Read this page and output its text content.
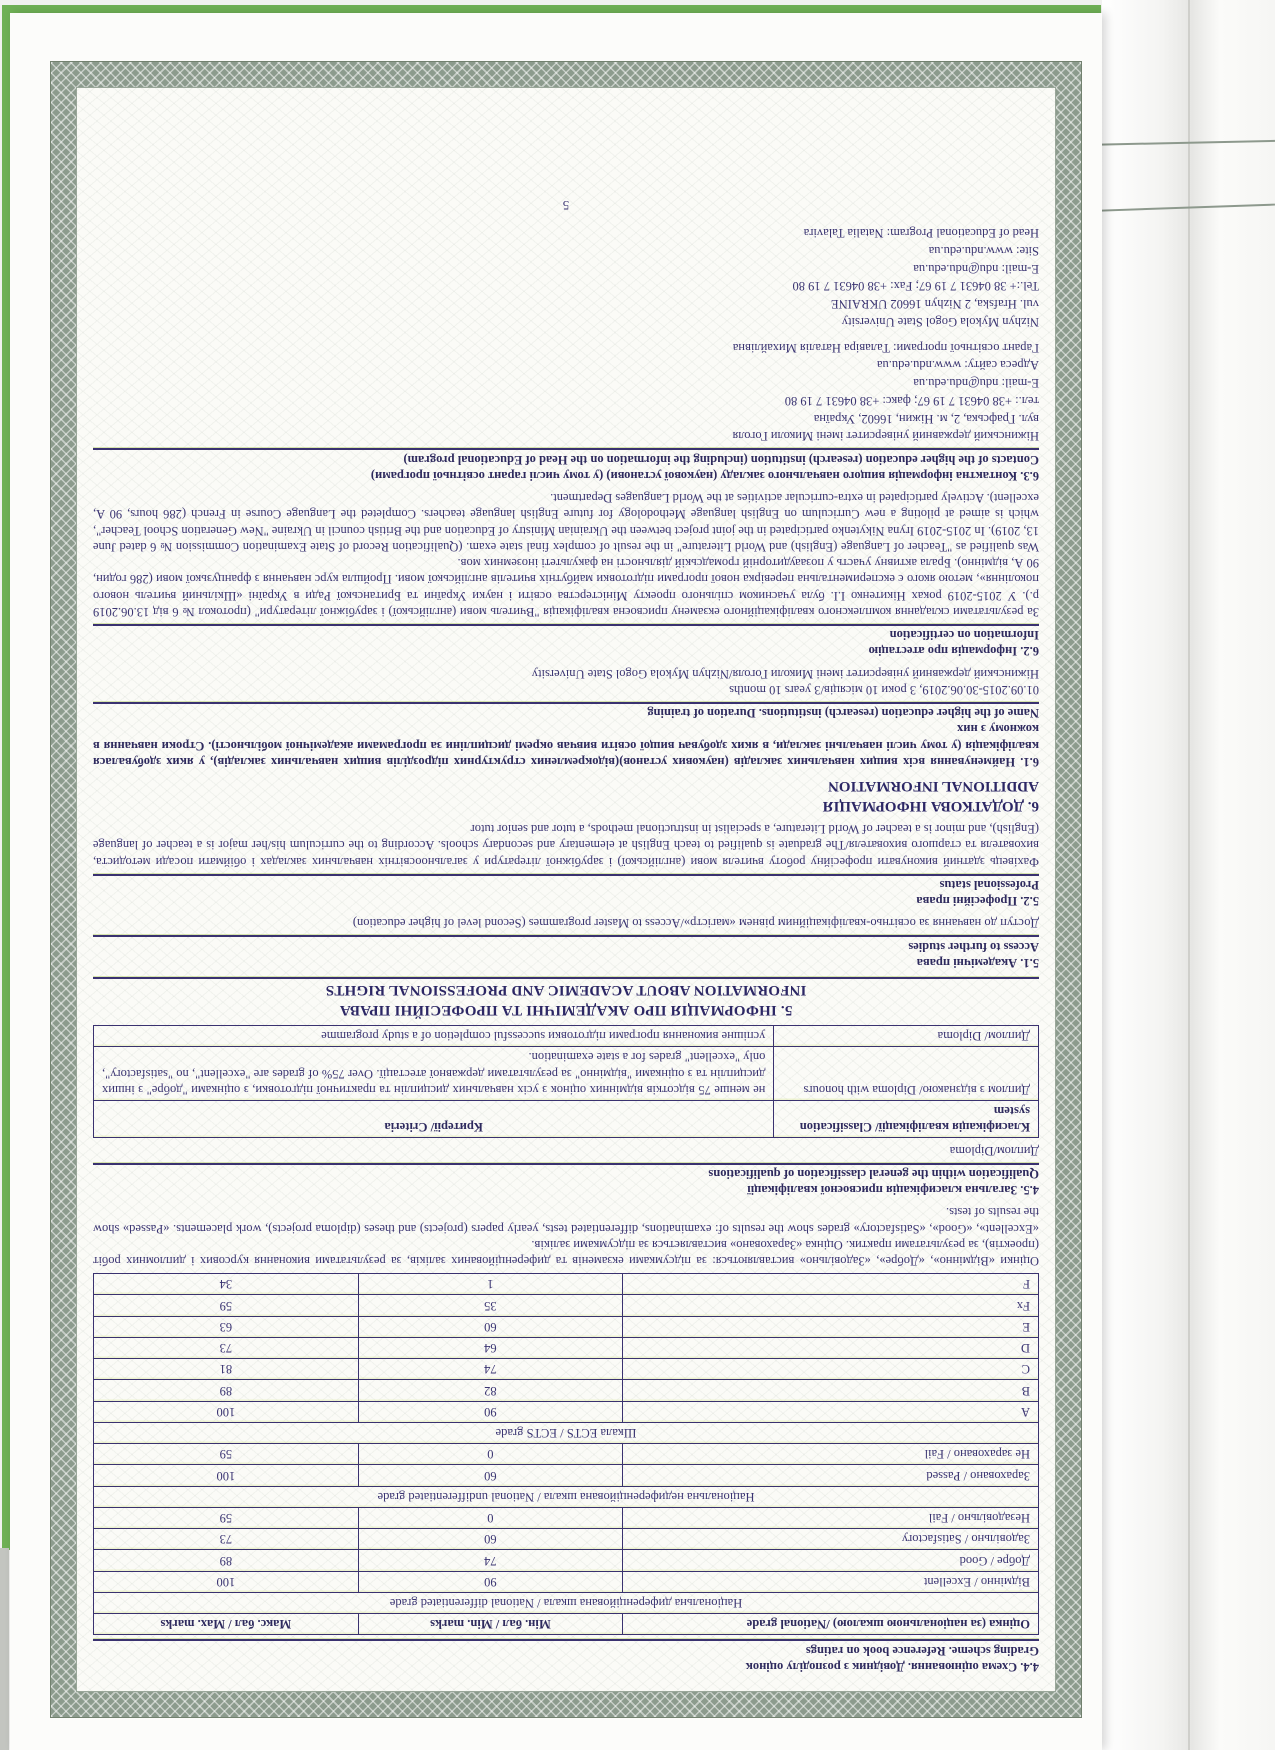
4.4. Схема оцінювання. Довідник з розподілу оцінок

Grading scheme. Reference book on ratings

Оцінка (за національною шкалою) /National grade	Мін. бал / Min. marks	Макс. бал / Max. marks
Національна диференційована шкала / National differentiated grade		
Відмінно / Excellent	90	100
Добре / Good	74	89
Задовільно / Satisfactory	60	73
Незадовільно / Fail	0	59
Національна недиференційована шкала / National undifferentiated grade		
Зараховано / Passed	60	100
Не зараховано / Fail	0	59
Шкала ECTS / ECTS grade		
A	90	100
B	82	89
C	74	81
D	64	73
E	60	63
Fx	35	59
F	1	34

Оцінки «Відмінно», «Добре», «Задовільно» виставляються: за підсумками екзаменів та диференційованих заліків, за результатами виконання курсових і дипломних робіт (проектів), за результатами практик. Оцінка «Зараховано» виставляється за підсумками заліків.

«Excellent», «Good», «Satisfactory» grades show the results of: examinations, differentiated tests, yearly papers (projects) and theses (diploma projects), work placements. «Passed» show the results of tests.

4.5. Загальна класифікація присвоєної кваліфікації

Qualification within the general classification of qualifications

Диплом/Diploma

Класифікація кваліфікації/ Classification system	Критерії/ Criteria
Диплом з відзнакою/ Diploma with honours	не менше 75 відсотків відмінних оцінок з усіх навчальних дисциплін та практичної підготовки, з оцінками "добре" з інших дисциплін та з оцінками "відмінно" за результатами державної атестації. Over 75% of grades are "excellent", no "satisfactory", only "excellent" grades for a state examination.
Диплом/ Diploma	успішне виконання програми підготовки successful completion of a study programme

5. ІНФОРМАЦІЯ ПРО АКАДЕМІЧНІ ТА ПРОФЕСІЙНІ ПРАВА

INFORMATION ABOUT ACADEMIC AND PROFESSIONAL RIGHTS

5.1. Академічні права

Access to further studies

Доступ до навчання за освітньо-кваліфікаційним рівнем «магістр»/Access to Master programmes (Second level of higher education)

5.2. Професійні права

Professional status

Фахівець здатний виконувати професійну роботу вчителя мови (англійської) і зарубіжної літератури у загальноосвітніх навчальних закладах і обіймати посади методиста, вихователя та старшого вихователя/The graduate is qualified to teach English at elementary and secondary schools. According to the curriculum his/her major is a teacher of language (English), and minor is a teacher of World Literature, a specialist in instructional methods, a tutor and senior tutor

6. ДОДАТКОВА ІНФОРМАЦІЯ

ADDITIONAL INFORMATION

6.1. Найменування всіх вищих навчальних закладів (наукових установ)(відокремлених структурних підрозділів вищих навчальних закладів), у яких здобувалася кваліфікація (у тому числі навчальні заклади, в яких здобувач вищої освіти вивчав окремі дисципліни за програмами академічної мобільності). Строки навчання в кожному з них

Name of the higher education (research) institutions. Duration of training

01.09.2015-30.06.2019, 3 роки 10 місяців/3 years 10 months

Ніжинський державний університет імені Миколи Гоголя/Nizhyn Mykola Gogol State University

6.2. Інформація про атестацію

Information on certification

За результатами складання комплексного кваліфікаційного екзамену присвоєна кваліфікація "Вчитель мови (англійської) і зарубіжної літератури" (протокол № 6 від 13.06.2019 р.). У 2015-2019 роках Нікитенко І.І. була учасником спільного проекту Міністерства освіти і науки України та Британської Ради в Україні «Шкільний вчитель нового покоління», метою якого є експериментальна перевірка нової програми підготовки майбутніх вчителів англійської мови. Пройшла курс навчання з французької мови (286 годин, 90 А, відмінно). Брала активну участь у позааудиторній громадській діяльності на факультеті іноземних мов.

Was qualified as "Teacher of Language (English) and World Literature" in the result of complex final state exam. (Qualification Record of State Examination Commission № 6 dated June 13, 2019). In 2015-2019 Iryna Nikytenko participated in the joint project between the Ukrainian Ministry of Education and the British council in Ukraine "New Generation School Teacher", which is aimed at piloting a new Curriculum on English language Methodology for future English language teachers. Completed the Language Course in French (286 hours, 90 A, excellent). Actively participated in extra-curricular activities at the World Languages Department.

6.3. Контактна інформація вищого навчального закладу (наукової установи) (у тому числі гарант освітньої програми)

Contacts of the higher education (research) institution (including the information on the Head of Educational program)

Ніжинський державний університет імені Миколи Гоголя

вул. Графська, 2, м. Ніжин, 16602, Україна

тел.: +38 04631 7 19 67; факс: +38 04631 7 19 80

E-mail: ndu@ndu.edu.ua

Адреса сайту: www.ndu.edu.ua

Гарант освітньої програми: Талавіра Наталія Михайлівна

Nizhyn Mykola Gogol State University

vul. Hrafska, 2 Nizhyn 16602 UKRAINE

Tel.:+ 38 04631 7 19 67; Fax: +38 04631 7 19 80

E-mail: ndu@ndu.edu.ua

Site: www.ndu.edu.ua

Head of Educational Program: Natalia Talavira

5
